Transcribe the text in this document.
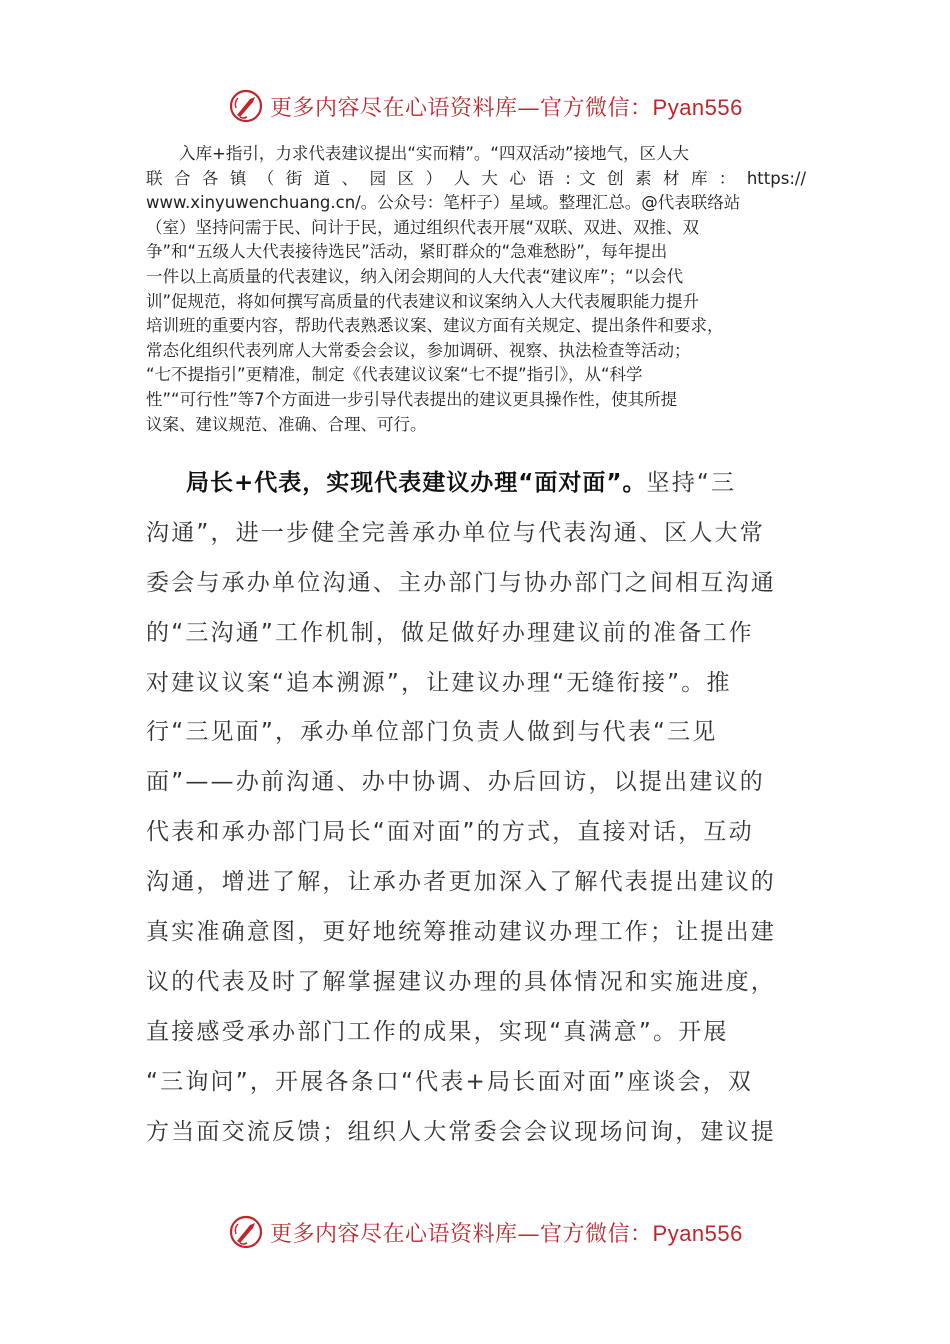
更多内容尽在心语资料库—官方微信：Pyan556
入库+指引，力求代表建议提出“实而精”。“四双活动”接地气，区人大
联 合 各 镇 （ 街 道 、 园 区 ） 人 大 心 语 : 文 创 素 材 库 ： https://
www.xinyuwenchuang.cn/。公众号：笔杆子）星域。整理汇总。@代表联络站
（室）坚持问需于民、问计于民，通过组织代表开展“双联、双进、双推、双
争”和“五级人大代表接待选民”活动，紧盯群众的“急难愁盼”，每年提出
一件以上高质量的代表建议，纳入闭会期间的人大代表“建议库”；“以会代
训”促规范，将如何撰写高质量的代表建议和议案纳入人大代表履职能力提升
培训班的重要内容，帮助代表熟悉议案、建议方面有关规定、提出条件和要求，
常态化组织代表列席人大常委会会议，参加调研、视察、执法检查等活动；
“七不提指引”更精准，制定《代表建议议案“七不提”指引》，从“科学
性”“可行性”等7个方面进一步引导代表提出的建议更具操作性，使其所提
议案、建议规范、准确、合理、可行。
局长+代表，实现代表建议办理“面对面”。坚持“三
沟通”，进一步健全完善承办单位与代表沟通、区人大常
委会与承办单位沟通、主办部门与协办部门之间相互沟通
的“三沟通”工作机制，做足做好办理建议前的准备工作
对建议议案“追本溯源”，让建议办理“无缝衔接”。推
行“三见面”，承办单位部门负责人做到与代表“三见
面”——办前沟通、办中协调、办后回访，以提出建议的
代表和承办部门局长“面对面”的方式，直接对话，互动
沟通，增进了解，让承办者更加深入了解代表提出建议的
真实准确意图，更好地统筹推动建议办理工作；让提出建
议的代表及时了解掌握建议办理的具体情况和实施进度，
直接感受承办部门工作的成果，实现“真满意”。开展
“三询问”，开展各条口“代表+局长面对面”座谈会，双
方当面交流反馈；组织人大常委会会议现场问询，建议提
更多内容尽在心语资料库—官方微信：Pyan556
